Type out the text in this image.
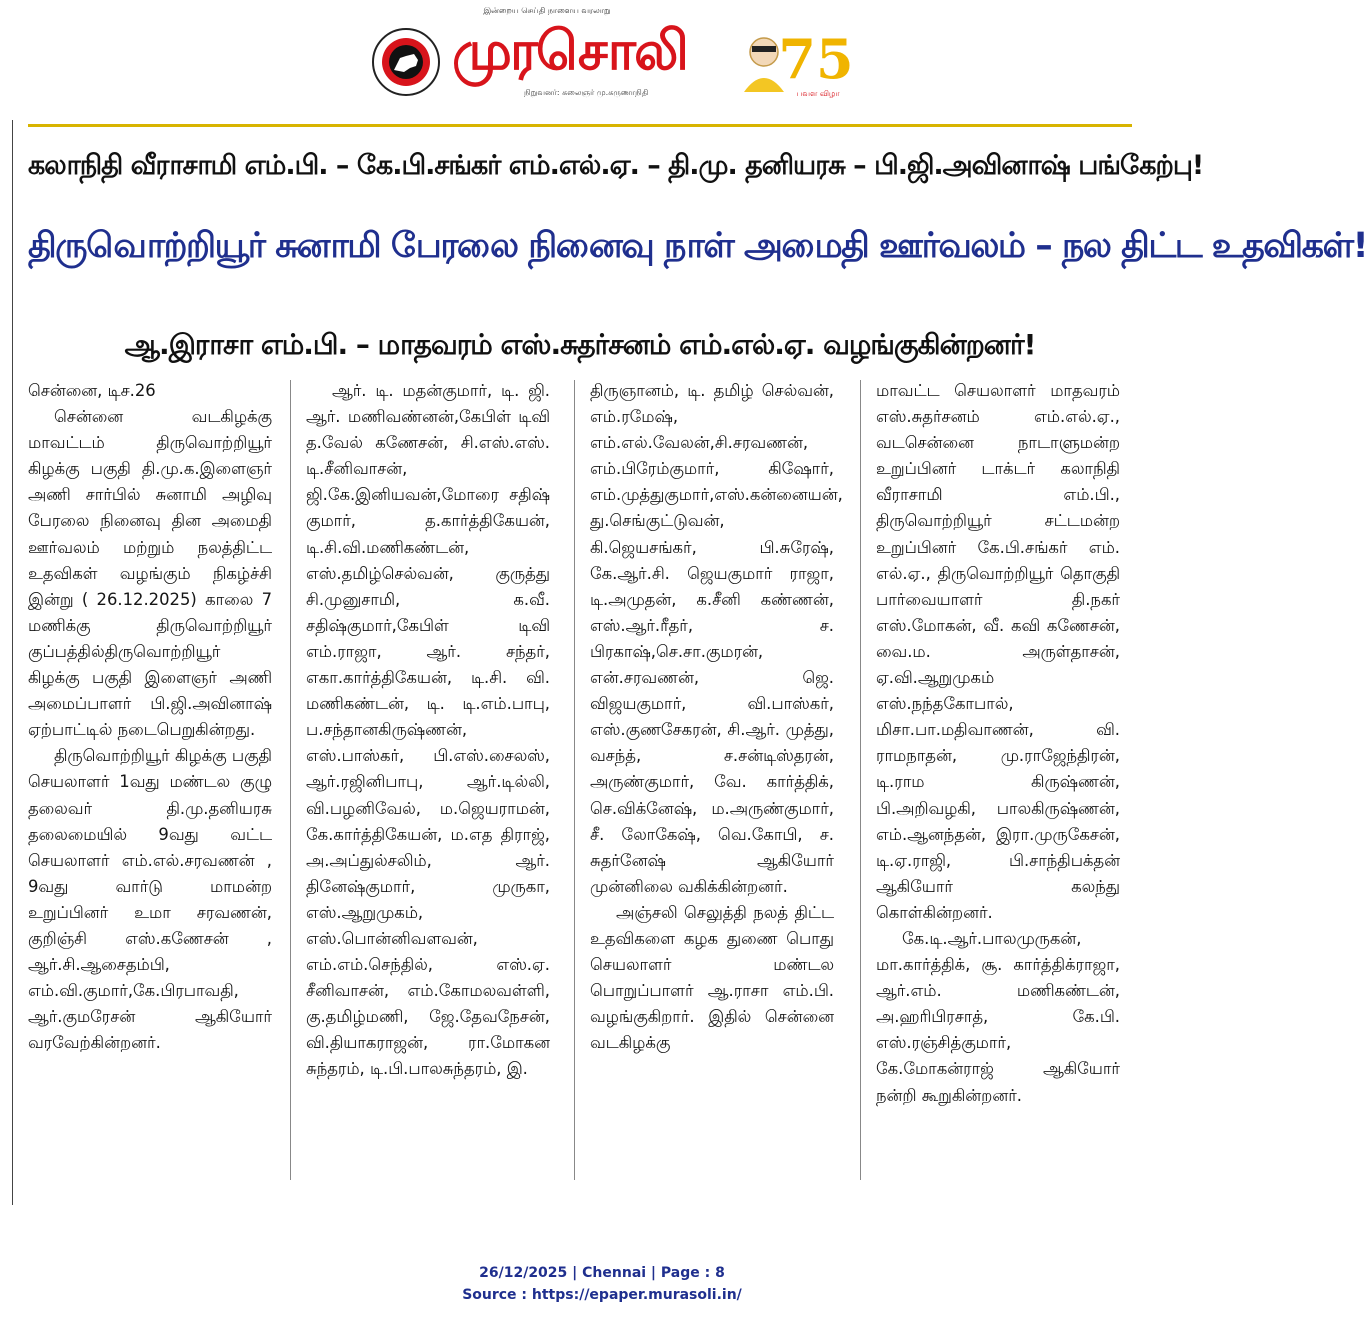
இன்றைய செய்தி நாளைய வரலாறு
முரசொலி
நிறுவனர்: கலைஞர் மு.கருணாநிதி
75
பவள விழா
கலாநிதி வீராசாமி எம்.பி. – கே.பி.சங்கர் எம்.எல்.ஏ. – தி.மு. தனியரசு – பி.ஜி.அவினாஷ் பங்கேற்பு!
திருவொற்றியூர் சுனாமி பேரலை நினைவு நாள் அமைதி ஊர்வலம் – நல திட்ட உதவிகள்!
ஆ.இராசா எம்.பி. – மாதவரம் எஸ்.சுதர்சனம் எம்.எல்.ஏ. வழங்குகின்றனர்!

சென்னை, டிச.26

சென்னை வடகிழக்கு மாவட்டம் திருவொற்றியூர் கிழக்கு பகுதி தி.மு.க.இளைஞர் அணி சார்பில் சுனாமி அழிவு பேரலை நினைவு தின அமைதி ஊர்வலம் மற்றும் நலத்திட்ட உதவிகள் வழங்கும் நிகழ்ச்சி இன்று ( 26.12.2025) காலை 7 மணிக்கு திருவொற்றியூர் குப்பத்தில்திருவொற்றியூர் கிழக்கு பகுதி இளைஞர் அணி அமைப்பாளர் பி.ஜி.அவினாஷ் ஏற்பாட்டில் நடைபெறுகின்றது.

திருவொற்றியூர் கிழக்கு பகுதி செயலாளர் 1வது மண்டல குழு தலைவர் தி.மு.தனியரசு தலைமையில் 9வது வட்ட செயலாளர் எம்.எல்.சரவணன் , 9வது வார்டு மாமன்ற உறுப்பினர் உமா சரவணன், குறிஞ்சி எஸ்.கணேசன் , ஆர்.சி.ஆசைதம்பி, எம்.வி.குமார்,கே.பிரபாவதி, ஆர்.குமரேசன் ஆகியோர் வரவேற்கின்றனர்.

ஆர். டி. மதன்குமார், டி. ஜி. ஆர். மணிவண்னன்,கேபிள் டிவி த.வேல் கணேசன், சி.எஸ்.எஸ். டி.சீனிவாசன், ஜி.கே.இனியவன்,மோரை சதிஷ் குமார், த.கார்த்திகேயன், டி.சி.வி.மணிகண்டன், எஸ்.தமிழ்செல்வன், குருத்து சி.முனுசாமி, க.வீ. சதிஷ்குமார்,கேபிள் டிவி எம்.ராஜா, ஆர். சந்தர், எகா.கார்த்திகேயன், டி.சி. வி. மணிகண்டன், டி. டி.எம்.பாபு, ப.சந்தானகிருஷ்ணன், எஸ்.பாஸ்கர், பி.எஸ்.சைலஸ், ஆர்.ரஜினிபாபு, ஆர்.டில்லி, வி.பழனிவேல், ம.ஜெயராமன், கே.கார்த்திகேயன், ம.எத திராஜ், அ.அப்துல்சலிம், ஆர். தினேஷ்குமார், முருகா, எஸ்.ஆறுமுகம், எஸ்.பொன்னிவளவன், எம்.எம்.செந்தில், எஸ்.ஏ. சீனிவாசன், எம்.கோமலவள்ளி, கு.தமிழ்மணி, ஜே.தேவநேசன், வி.தியாகராஜன், ரா.மோகன சுந்தரம், டி.பி.பாலசுந்தரம், இ.

திருஞானம், டி. தமிழ் செல்வன், எம்.ரமேஷ், எம்.எல்.வேலன்,சி.சரவணன், எம்.பிரேம்குமார், கிஷோர், எம்.முத்துகுமார்,எஸ்.கன்னையன், து.செங்குட்டுவன், கி.ஜெயசங்கர், பி.சுரேஷ், கே.ஆர்.சி. ஜெயகுமார் ராஜா, டி.அமுதன், க.சீனி கண்ணன், எஸ்.ஆர்.ரீதர், ச. பிரகாஷ்,செ.சா.குமரன், என்.சரவணன், ஜெ. விஜயகுமார், வி.பாஸ்கர், எஸ்.குணசேகரன், சி.ஆர். முத்து, வசந்த், ச.சன்டிஸ்தரன், அருண்குமார், வே. கார்த்திக், செ.விக்னேஷ், ம.அருண்குமார், சீ. லோகேஷ், வெ.கோபி, ச. சுதர்னேஷ் ஆகியோர் முன்னிலை வகிக்கின்றனர்.

அஞ்சலி செலுத்தி நலத் திட்ட உதவிகளை கழக துணை பொது செயலாளர் மண்டல பொறுப்பாளர் ஆ.ராசா எம்.பி. வழங்குகிறார். இதில் சென்னை வடகிழக்கு

மாவட்ட செயலாளர் மாதவரம் எஸ்.சுதர்சனம் எம்.எல்.ஏ., வடசென்னை நாடாளுமன்ற உறுப்பினர் டாக்டர் கலாநிதி வீராசாமி எம்.பி., திருவொற்றியூர் சட்டமன்ற உறுப்பினர் கே.பி.சங்கர் எம். எல்.ஏ., திருவொற்றியூர் தொகுதி பார்வையாளர் தி.நகர் எஸ்.மோகன், வீ. கவி கணேசன், வை.ம. அருள்தாசன், ஏ.வி.ஆறுமுகம் எஸ்.நந்தகோபால், மிசா.பா.மதிவாணன், வி. ராமநாதன், மு.ராஜேந்திரன், டி.ராம கிருஷ்ணன், பி.அறிவழகி, பாலகிருஷ்ணன், எம்.ஆனந்தன், இரா.முருகேசன், டி.ஏ.ராஜி, பி.சாந்திபக்தன் ஆகியோர் கலந்து கொள்கின்றனர்.

கே.டி.ஆர்.பாலமுருகன், மா.கார்த்திக், சூ. கார்த்திக்ராஜா, ஆர்.எம். மணிகண்டன், அ.ஹரிபிரசாத், கே.பி. எஸ்.ரஞ்சித்குமார், கே.மோகன்ராஜ் ஆகியோர் நன்றி கூறுகின்றனர்.

26/12/2025 | Chennai | Page : 8
Source : https://epaper.murasoli.in/
